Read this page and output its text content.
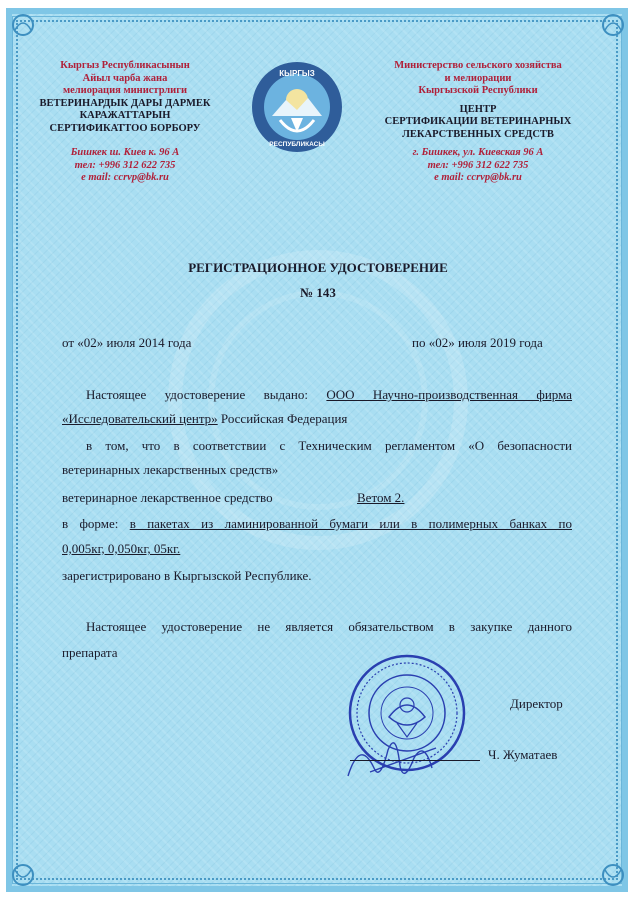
Кыргыз Республикасынын
Айыл чарба жана
мелиорация министрлиги
ВЕТЕРИНАРДЫК ДАРЫ ДАРМЕК
КАРАЖАТТАРЫН
СЕРТИФИКАТТОО БОРБОРУ
Бишкек ш. Киев к. 96 А
тел: +996 312 622 735
e mail: ccrvp@bk.ru
КЫРГЫЗ
РЕСПУБЛИКАСЫ
Министерство сельского хозяйства
и мелиорации
Кыргызской Республики
ЦЕНТР
СЕРТИФИКАЦИИ ВЕТЕРИНАРНЫХ
ЛЕКАРСТВЕННЫХ СРЕДСТВ
г. Бишкек, ул. Киевская 96 А
тел: +996 312 622 735
e mail: ccrvp@bk.ru
РЕГИСТРАЦИОННОЕ УДОСТОВЕРЕНИЕ
№ 143
от «02» июля 2014 года	по «02» июля 2019 года
Настоящее удостоверение выдано: ООО Научно-производственная фирма
«Исследовательский центр» Российская Федерация
в том, что в соответствии с Техническим регламентом «О безопасности
ветеринарных лекарственных средств»
ветеринарное лекарственное средство	Ветом 2.
в форме: в пакетах из ламинированной бумаги или в полимерных банках по
0,005кг, 0,050кг, 05кг.
зарегистрировано в Кыргызской Республике.
Настоящее удостоверение не является обязательством в закупке данного
препарата
Директор
Ч. Жуматаев
